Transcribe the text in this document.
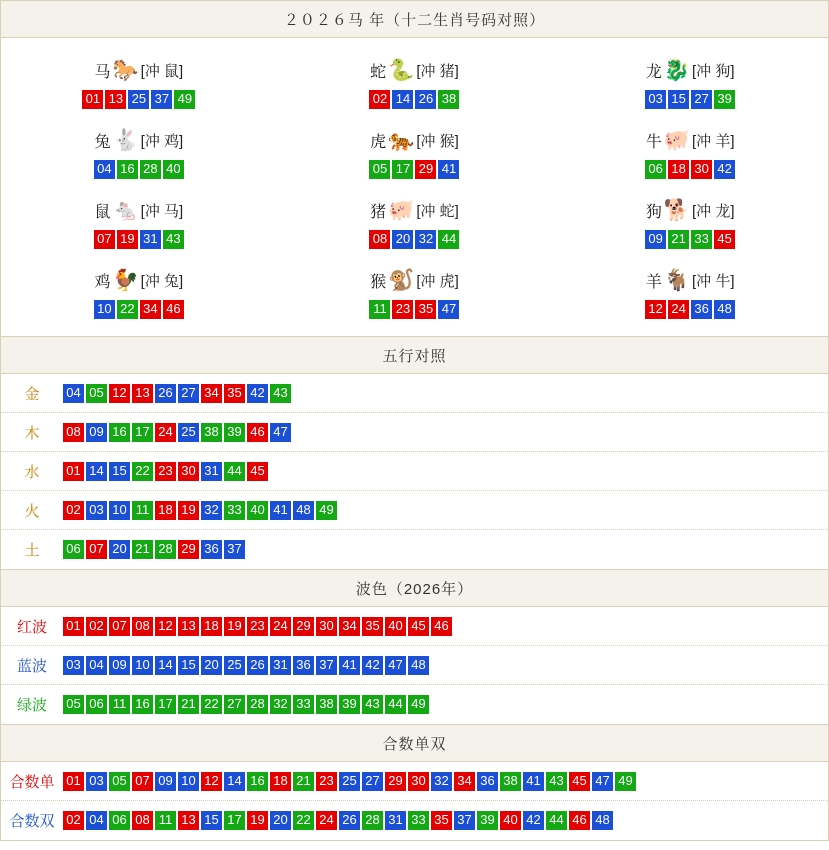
２０２６马 年（十二生肖号码对照）
马 🐎 [冲 鼠]
01 13 25 37 49
蛇 🐍 [冲 猪]
02 14 26 38
龙 🐉 [冲 狗]
03 15 27 39
兔 🐇 [冲 鸡]
04 16 28 40
虎 🐅 [冲 猴]
05 17 29 41
牛 🐖 [冲 羊]
06 18 30 42
鼠 🐁 [冲 马]
07 19 31 43
猪 🐖 [冲 蛇]
08 20 32 44
狗 🐕 [冲 龙]
09 21 33 45
鸡 🐓 [冲 兔]
10 22 34 46
猴 🐒 [冲 虎]
11 23 35 47
羊 🐐 [冲 牛]
12 24 36 48
五行对照
金	04 05 12 13 26 27 34 35 42 43
木	08 09 16 17 24 25 38 39 46 47
水	01 14 15 22 23 30 31 44 45
火	02 03 10 11 18 19 32 33 40 41 48 49
土	06 07 20 21 28 29 36 37
波色（2026年）
红波	01 02 07 08 12 13 18 19 23 24 29 30 34 35 40 45 46
蓝波	03 04 09 10 14 15 20 25 26 31 36 37 41 42 47 48
绿波	05 06 11 16 17 21 22 27 28 32 33 38 39 43 44 49
合数单双
合数单 01 03 05 07 09 10 12 14 16 18 21 23 25 27 29 30 32 34 36 38 41 43 45 47 49
合数双 02 04 06 08 11 13 15 17 19 20 22 24 26 28 31 33 35 37 39 40 42 44 46 48
